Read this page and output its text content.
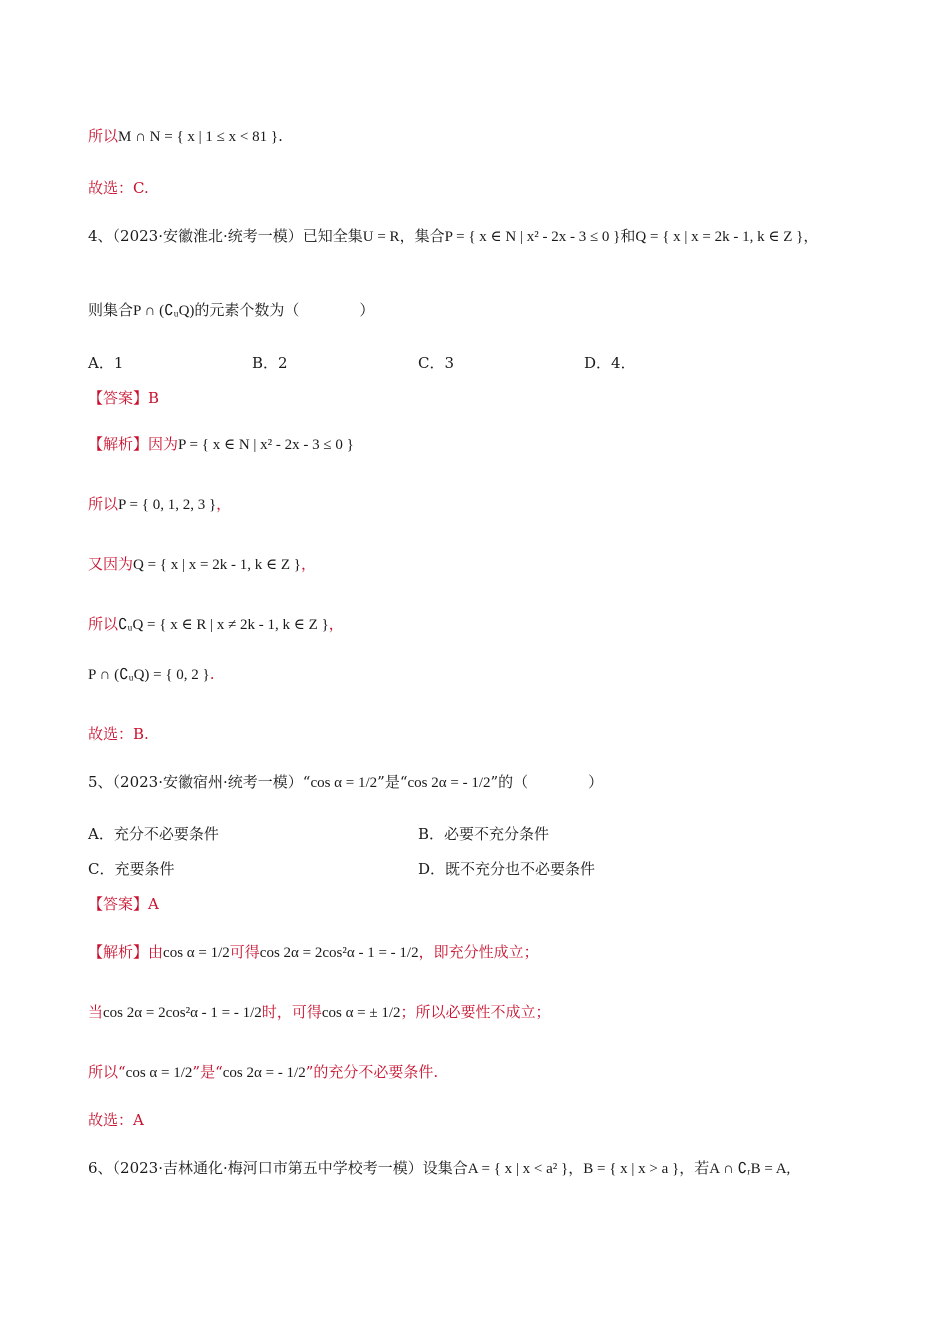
所以M ∩ N = { x | 1 ≤ x < 81 }.
故选：C.
4、（2023·安徽淮北·统考一模）已知全集U = R，集合P = { x ∈ N | x² - 2x - 3 ≤ 0 }和Q = { x | x = 2k - 1, k ∈ Z }，
则集合P ∩ (∁ᵤQ)的元素个数为（　　　　）
A．1	B．2	C．3	D．4．
【答案】B
【解析】因为P = { x ∈ N | x² - 2x - 3 ≤ 0 }
所以P = { 0, 1, 2, 3 }，
又因为Q = { x | x = 2k - 1, k ∈ Z }，
所以∁ᵤQ = { x ∈ R | x ≠ 2k - 1, k ∈ Z }，
P ∩ (∁ᵤQ) = { 0, 2 }.
故选：B.
5、（2023·安徽宿州·统考一模）“cos α = 1/2”是“cos 2α = - 1/2”的（　　　　）
A．充分不必要条件	B．必要不充分条件
C．充要条件	D．既不充分也不必要条件
【答案】A
【解析】由cos α = 1/2可得cos 2α = 2cos²α - 1 = - 1/2，即充分性成立；
当cos 2α = 2cos²α - 1 = - 1/2时，可得cos α = ± 1/2；所以必要性不成立；
所以“cos α = 1/2”是“cos 2α = - 1/2”的充分不必要条件.
故选：A
6、（2023·吉林通化·梅河口市第五中学校考一模）设集合A = { x | x < a² }，B = { x | x > a }，若A ∩ ∁ᵣB = A,
